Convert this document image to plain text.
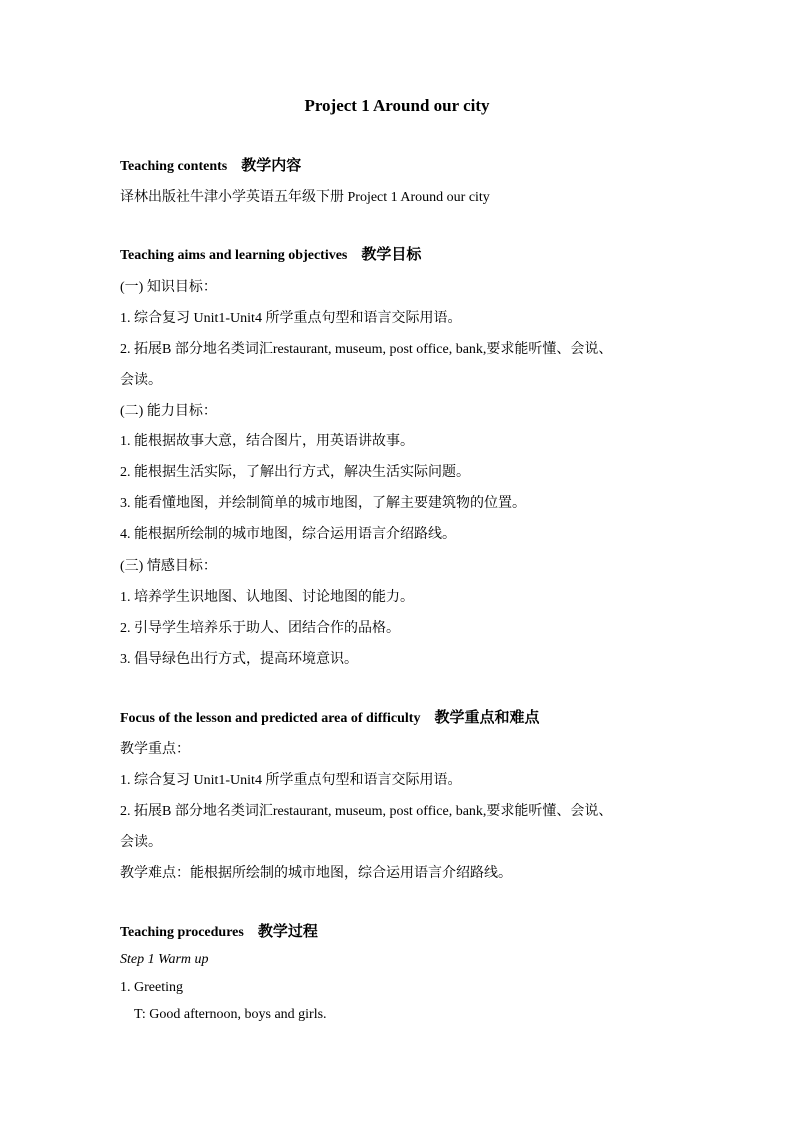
Project 1 Around our city
Teaching contents 教学内容
译林出版社牛津小学英语五年级下册 Project 1 Around our city
Teaching aims and learning objectives 教学目标
(一) 知识目标：
1. 综合复习 Unit1-Unit4 所学重点句型和语言交际用语。
2. 拓展B 部分地名类词汇restaurant, museum, post office, bank,要求能听懂、会说、
会读。
(二) 能力目标：
1. 能根据故事大意，结合图片，用英语讲故事。
2. 能根据生活实际，了解出行方式，解决生活实际问题。
3. 能看懂地图，并绘制简单的城市地图，了解主要建筑物的位置。
4. 能根据所绘制的城市地图，综合运用语言介绍路线。
(三) 情感目标：
1. 培养学生识地图、认地图、讨论地图的能力。
2. 引导学生培养乐于助人、团结合作的品格。
3. 倡导绿色出行方式，提高环境意识。
Focus of the lesson and predicted area of difficulty 教学重点和难点
教学重点：
1. 综合复习 Unit1-Unit4 所学重点句型和语言交际用语。
2. 拓展B 部分地名类词汇restaurant, museum, post office, bank,要求能听懂、会说、
会读。
教学难点：能根据所绘制的城市地图，综合运用语言介绍路线。
Teaching procedures 教学过程
Step 1 Warm up
1. Greeting
T: Good afternoon, boys and girls.
